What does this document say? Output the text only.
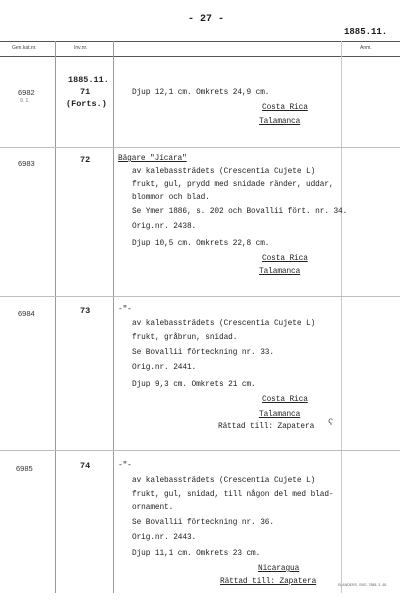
- 27 -
1885.11.
Gen.kat.nr.	Inv.nr.	Anm.
6982
9. 1.
1885.11.
71
(Forts.)
Djup 12,1 cm. Omkrets 24,9 cm.
Costa Rica
Talamanca
6983	72	Bägare "Jícara"
av kalebassträdets (Crescentia Cujete L)
frukt, gul, prydd med snidade ränder, uddar,
blommor och blad.
Se Ymer 1886, s. 202 och Bovallii fört. nr. 34.
Orig.nr. 2438.
Djup 10,5 cm. Omkrets 22,8 cm.
Costa Rica
Talamanca
6984	73	-"-
av kalebassträdets (Crescentia Cujete L)
frukt, gråbrun, snidad.
Se Bovallii förteckning nr. 33.
Orig.nr. 2441.
Djup 9,3 cm. Omkrets 21 cm.
Costa Rica
Talamanca
Rättad till: Zapatera ʕ
6985	74	-"-
av kalebassträdets (Crescentia Cujete L)
frukt, gul, snidad, till någon del med blad-
ornament.
Se Bovallii förteckning nr. 36.
Orig.nr. 2443.
Djup 11,1 cm. Omkrets 23 cm.
Nicaragua
Rättad till: Zapatera	ELANDERS, GBG, 7888. 3. 48.
